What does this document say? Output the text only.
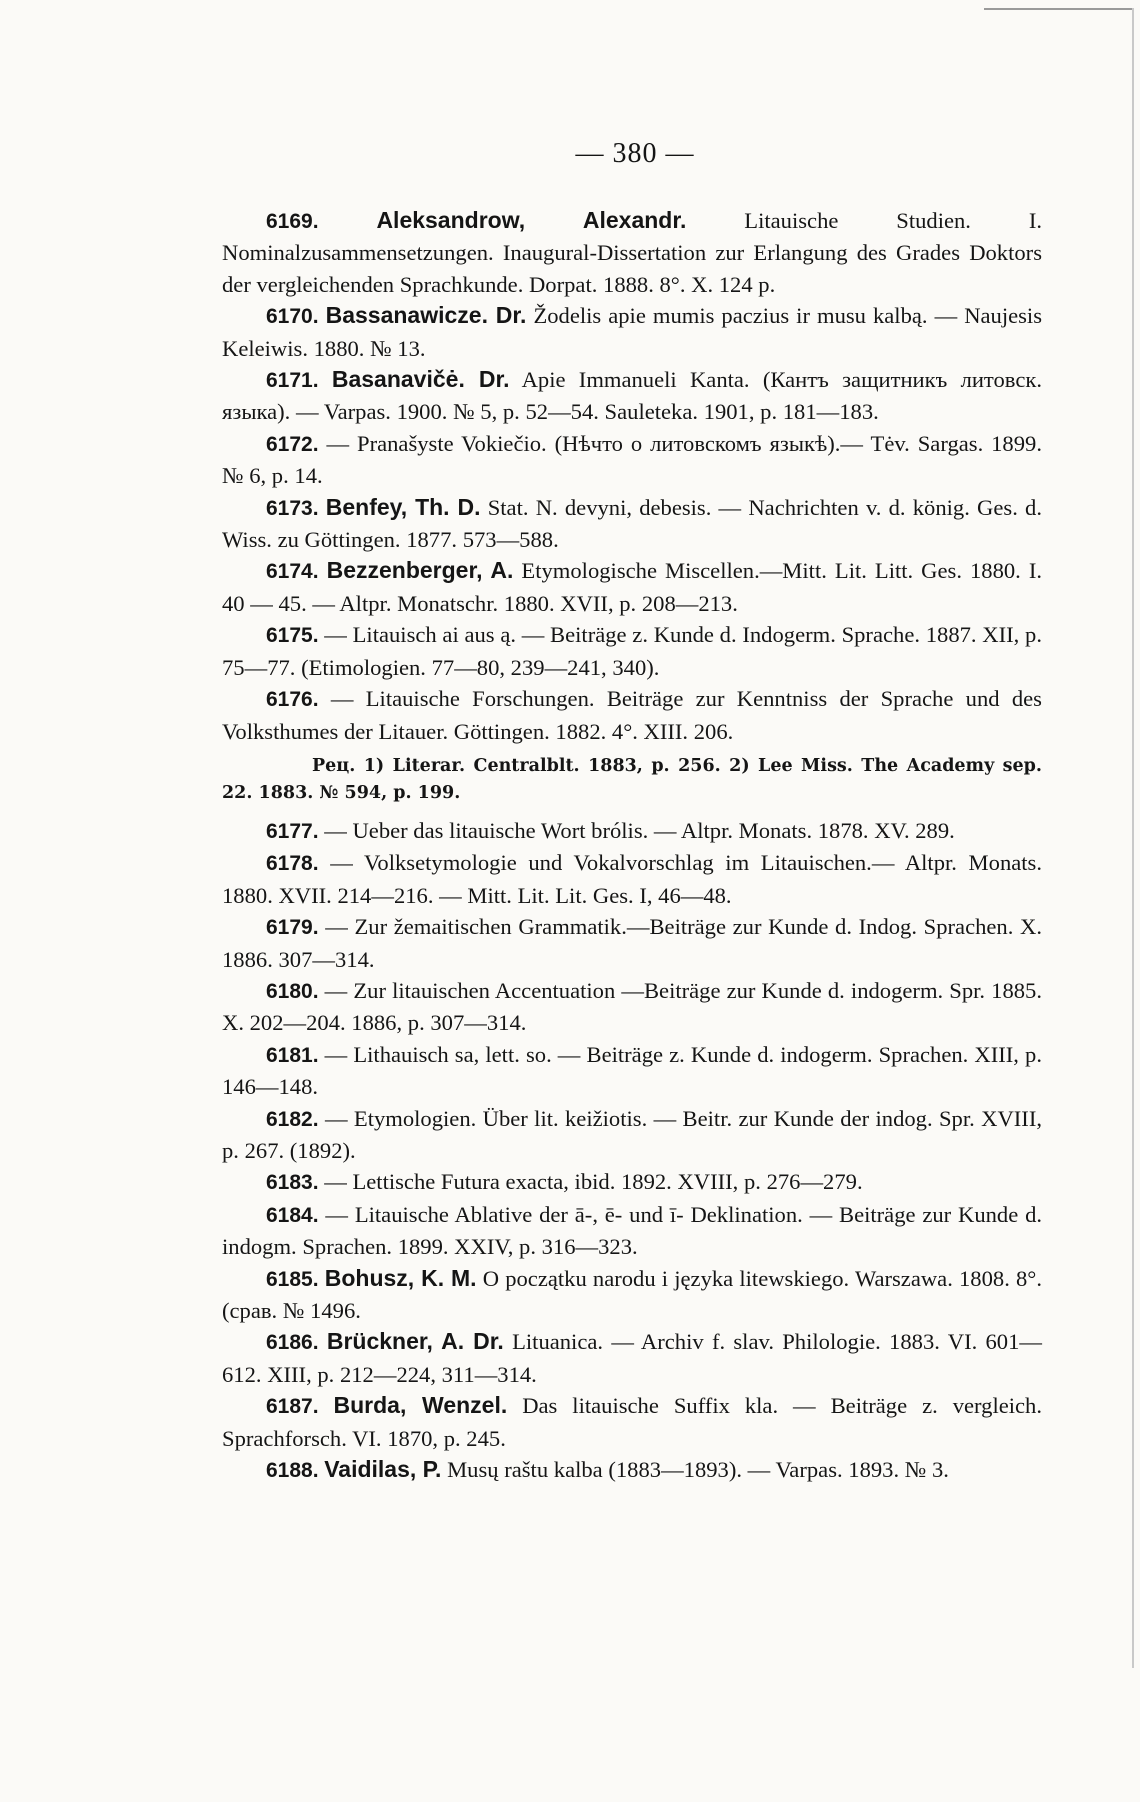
— 380 —

6169.	Aleksandrow, Alexandr. Litauische Studien. I. Nominalzusammensetzungen. Inaugural-Dissertation zur Erlangung des Grades Doktors der vergleichenden Sprachkunde. Dorpat. 1888. 8°. X. 124 p.

6170. Bassanawicze. Dr. Žodelis apie mumis paczius ir musu kalbą. — Naujesis Keleiwis. 1880. № 13.

6171. Basanavičė. Dr. Apie Immanueli Kanta. (Кантъ защитникъ литовск. языка). — Varpas. 1900. № 5, p. 52—54. Sauleteka. 1901, p. 181—183.

6172. — Pranašyste Vokiečio. (Нѣчто о литовскомъ языкѣ).— Tėv. Sargas. 1899. № 6, p. 14.

6173. Benfey, Th. D. Stat. N. devyni, debesis. — Nachrichten v. d. könig. Ges. d. Wiss. zu Göttingen. 1877. 573—588.

6174. Bezzenberger, A. Etymologische Miscellen.—Mitt. Lit. Litt. Ges. 1880. I. 40 — 45. — Altpr. Monatschr. 1880. XVII, p. 208—213.

6175. — Litauisch ai aus ą. — Beiträge z. Kunde d. Indogerm. Sprache. 1887. XII, p. 75—77. (Etimologien. 77—80, 239—241, 340).

6176. — Litauische Forschungen. Beiträge zur Kenntniss der Sprache und des Volksthumes der Litauer. Göttingen. 1882. 4°. XIII. 206.

Рец. 1) Literar. Centralblt. 1883, p. 256. 2) Lee Miss. The Academy sep. 22. 1883. № 594, p. 199.

6177. — Ueber das litauische Wort brólis. — Altpr. Monats. 1878. XV. 289.

6178. — Volksetymologie und Vokalvorschlag im Litauischen.— Altpr. Monats. 1880. XVII. 214—216. — Mitt. Lit. Lit. Ges. I, 46—48.

6179. — Zur žemaitischen Grammatik.—Beiträge zur Kunde d. Indog. Sprachen. X. 1886. 307—314.

6180. — Zur litauischen Accentuation —Beiträge zur Kunde d. indogerm. Spr. 1885. X. 202—204. 1886, p. 307—314.

6181. — Lithauisch sa, lett. so. — Beiträge z. Kunde d. indogerm. Sprachen. XIII, p. 146—148.

6182. — Etymologien. Über lit. keižiotis. — Beitr. zur Kunde der indog. Spr. XVIII, p. 267. (1892).

6183. — Lettische Futura exacta, ibid. 1892. XVIII, p. 276—279.

6184. — Litauische Ablative der ā-, ē- und ī- Deklination. — Beiträge zur Kunde d. indogm. Sprachen. 1899. XXIV, p. 316—323.

6185. Bohusz, K. M. O początku narodu i języka litewskiego. Warszawa. 1808. 8°. (срав. № 1496.

6186. Brückner, A. Dr. Lituanica. — Archiv f. slav. Philologie. 1883. VI. 601—612. XIII, p. 212—224, 311—314.

6187. Burda, Wenzel. Das litauische Suffix kla. — Beiträge z. vergleich. Sprachforsch. VI. 1870, p. 245.

6188. Vaidilas, P. Musų raštu kalba (1883—1893). — Varpas. 1893. № 3.
